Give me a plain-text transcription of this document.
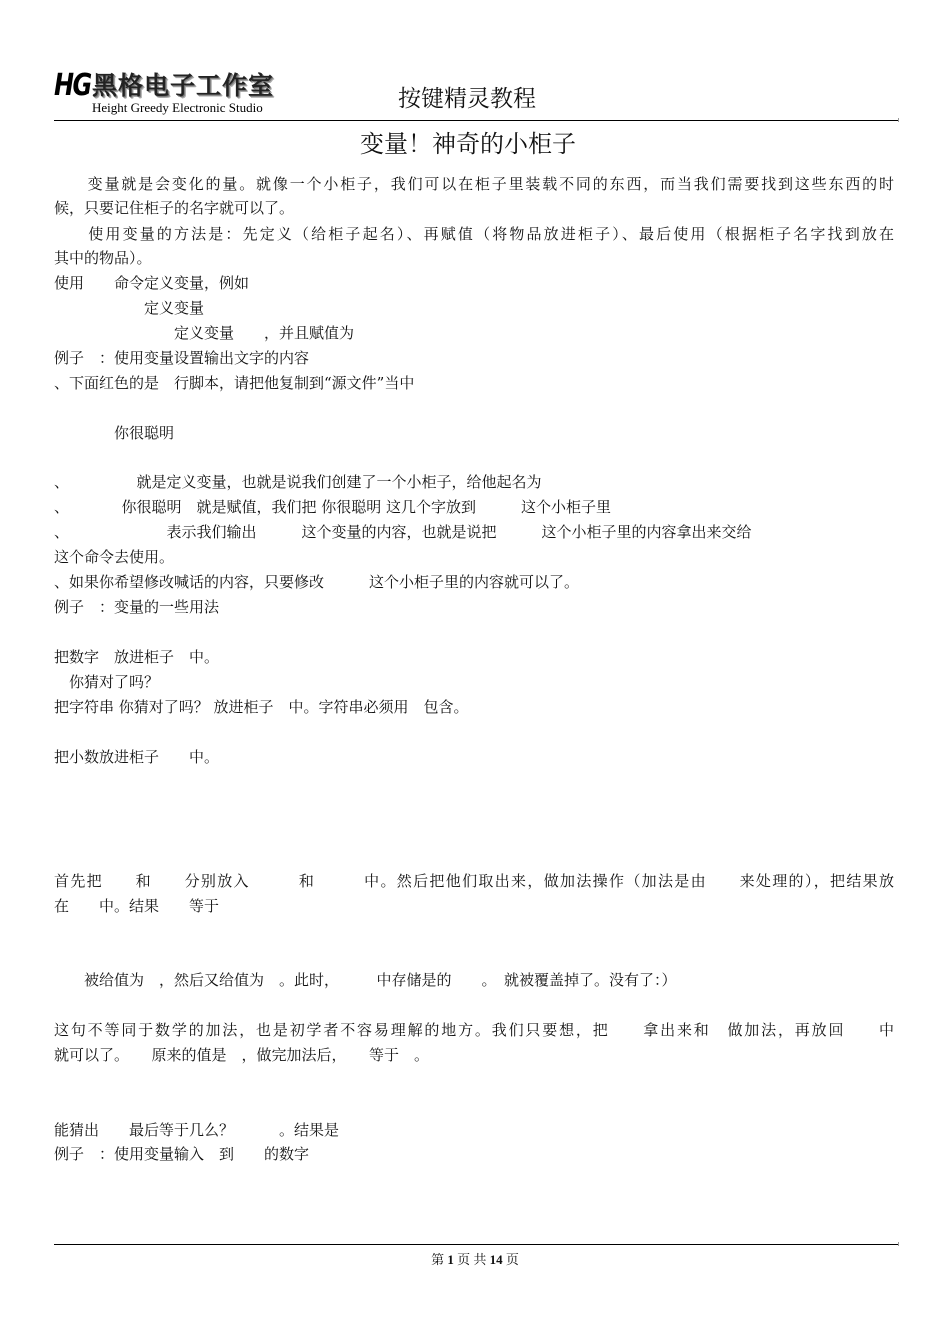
HG 黑格电子工作室
Height Greedy Electronic Studio	按键精灵教程
变量！神奇的小柜子
　　变量就是会变化的量。就像一个小柜子，我们可以在柜子里装载不同的东西，而当我们需要找到这些东西的时
候，只要记住柜子的名字就可以了。
　　使用变量的方法是：先定义（给柜子起名）、再赋值（将物品放进柜子）、最后使用（根据柜子名字找到放在
其中的物品）。
使用　　命令定义变量，例如
　　　　　　定义变量
　　　　　　　　定义变量　　，并且赋值为
例子　：使用变量设置输出文字的内容
、下面红色的是　行脚本，请把他复制到“源文件”当中
　　　　你很聪明
、　　　　　就是定义变量，也就是说我们创建了一个小柜子，给他起名为
、　　　　你很聪明　就是赋值，我们把 你很聪明 这几个字放到　　　这个小柜子里
、　　　　　　　表示我们输出　　　这个变量的内容，也就是说把　　　这个小柜子里的内容拿出来交给
这个命令去使用。
、如果你希望修改喊话的内容，只要修改　　　这个小柜子里的内容就可以了。
例子　：变量的一些用法
把数字　放进柜子　中。
　你猜对了吗？
把字符串 你猜对了吗？ 放进柜子　中。字符串必须用　包含。
把小数放进柜子　　中。
首先把　　和　　分别放入　　　和　　　中。然后把他们取出来，做加法操作（加法是由　　来处理的），把结果放
在　　中。结果　　等于
　　被给值为　，然后又给值为　。此时，　　　中存储是的　　。　就被覆盖掉了。没有了：）
这句不等同于数学的加法，也是初学者不容易理解的地方。我们只要想，把　　拿出来和　做加法，再放回　　中
就可以了。　　原来的值是　，做完加法后，　　等于　。
能猜出　　最后等于几么？　　　。结果是
例子　：使用变量输入　到　　的数字
第 1 页 共 14 页
